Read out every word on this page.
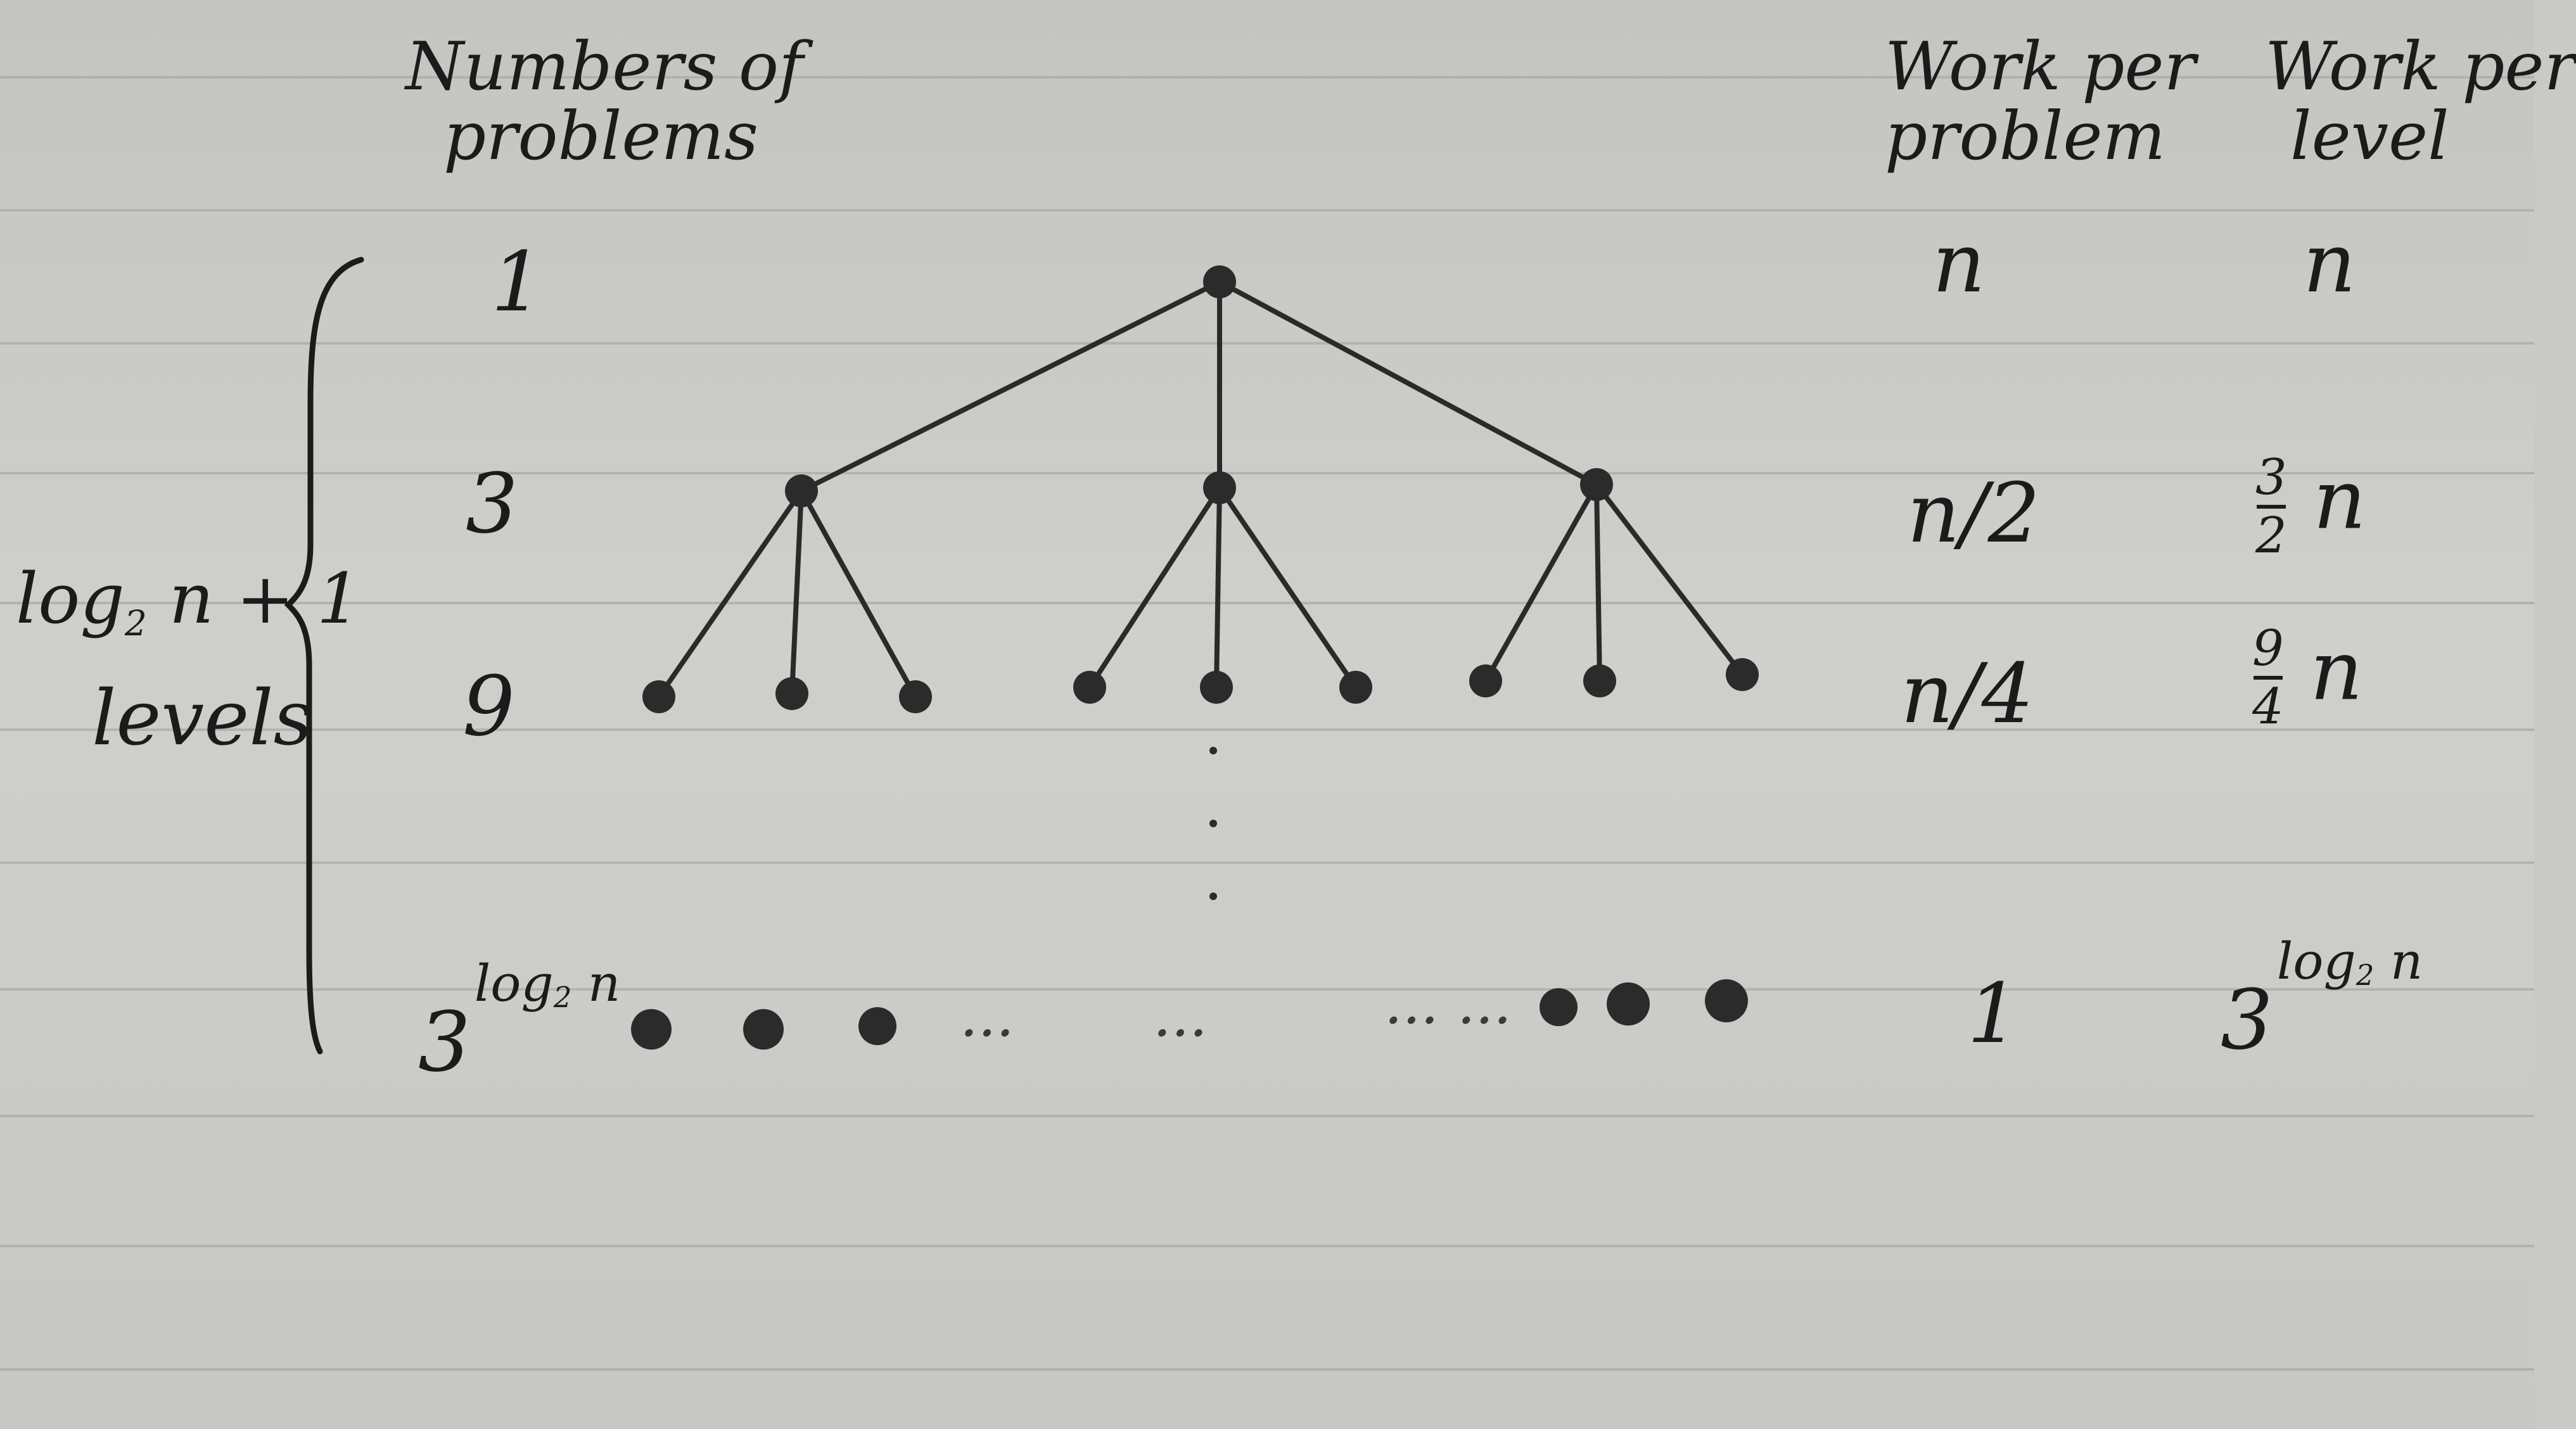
Numbers of
problems
Work per
problem
Work per
level
log2 n + 1
levels
1
3
9
$3^{log2 n}$
n
n/2
n/4
1
n
3
2 n
9
4 n
$3^{log2 n}$
... ...	... ...
